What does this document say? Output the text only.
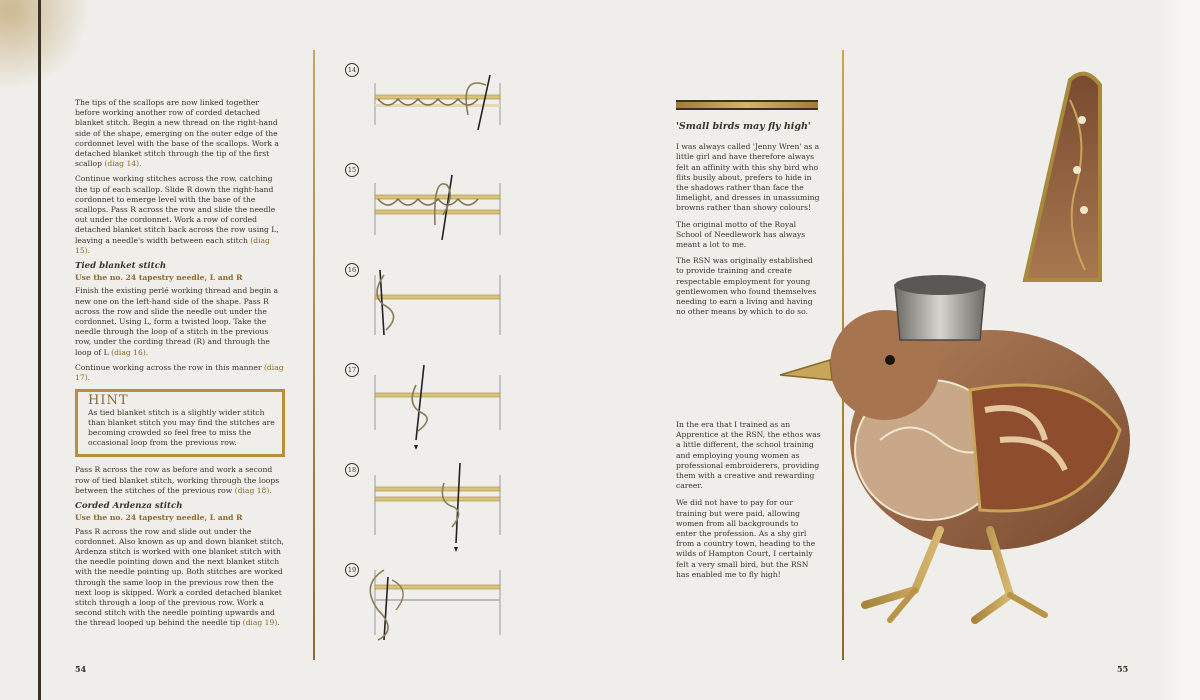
The tips of the scallops are now linked together before working another row of corded detached blanket stitch. Begin a new thread on the right-hand side of the shape, emerging on the outer edge of the cordonnet level with the base of the scallops. Work a detached blanket stitch through the tip of the first scallop (diag 14).

Continue working stitches across the row, catching the tip of each scallop. Slide R down the right-hand cordonnet to emerge level with the base of the scallops. Pass R across the row and slide the needle out under the cordonnet. Work a row of corded detached blanket stitch back across the row using L, leaving a needle's width between each stitch (diag 15).

Tied blanket stitch
Use the no. 24 tapestry needle, L and R

Finish the existing perlé working thread and begin a new one on the left-hand side of the shape. Pass R across the row and slide the needle out under the cordonnet. Using L, form a twisted loop. Take the needle through the loop of a stitch in the previous row, under the cording thread (R) and through the loop of L (diag 16).

Continue working across the row in this manner (diag 17).

HINT
As tied blanket stitch is a slightly wider stitch than blanket stitch you may find the stitches are becoming crowded so feel free to miss the occasional loop from the previous row.

Pass R across the row as before and work a second row of tied blanket stitch, working through the loops between the stitches of the previous row (diag 18).

Corded Ardenza stitch
Use the no. 24 tapestry needle, L and R

Pass R across the row and slide out under the cordonnet. Also known as up and down blanket stitch, Ardenza stitch is worked with one blanket stitch with the needle pointing down and the next blanket stitch with the needle pointing up. Both stitches are worked through the same loop in the previous row then the next loop is skipped. Work a corded detached blanket stitch through a loop of the previous row. Work a second stitch with the needle pointing upwards and the thread looped up behind the needle tip (diag 19).

14
15
16
17
18
19
54
'Small birds may fly high'

I was always called 'Jenny Wren' as a little girl and have therefore always felt an affinity with this shy bird who flits busily about, prefers to hide in the shadows rather than face the limelight, and dresses in unassuming browns rather than showy colours!

The original motto of the Royal School of Needlework has always meant a lot to me.

The RSN was originally established to provide training and create respectable employment for young gentlewomen who found themselves needing to earn a living and having no other means by which to do so.

In the era that I trained as an Apprentice at the RSN, the ethos was a little different, the school training and employing young women as professional embroiderers, providing them with a creative and rewarding career.

We did not have to pay for our training but were paid, allowing women from all backgrounds to enter the profession. As a shy girl from a country town, heading to the wilds of Hampton Court, I certainly felt a very small bird, but the RSN has enabled me to fly high!

55
